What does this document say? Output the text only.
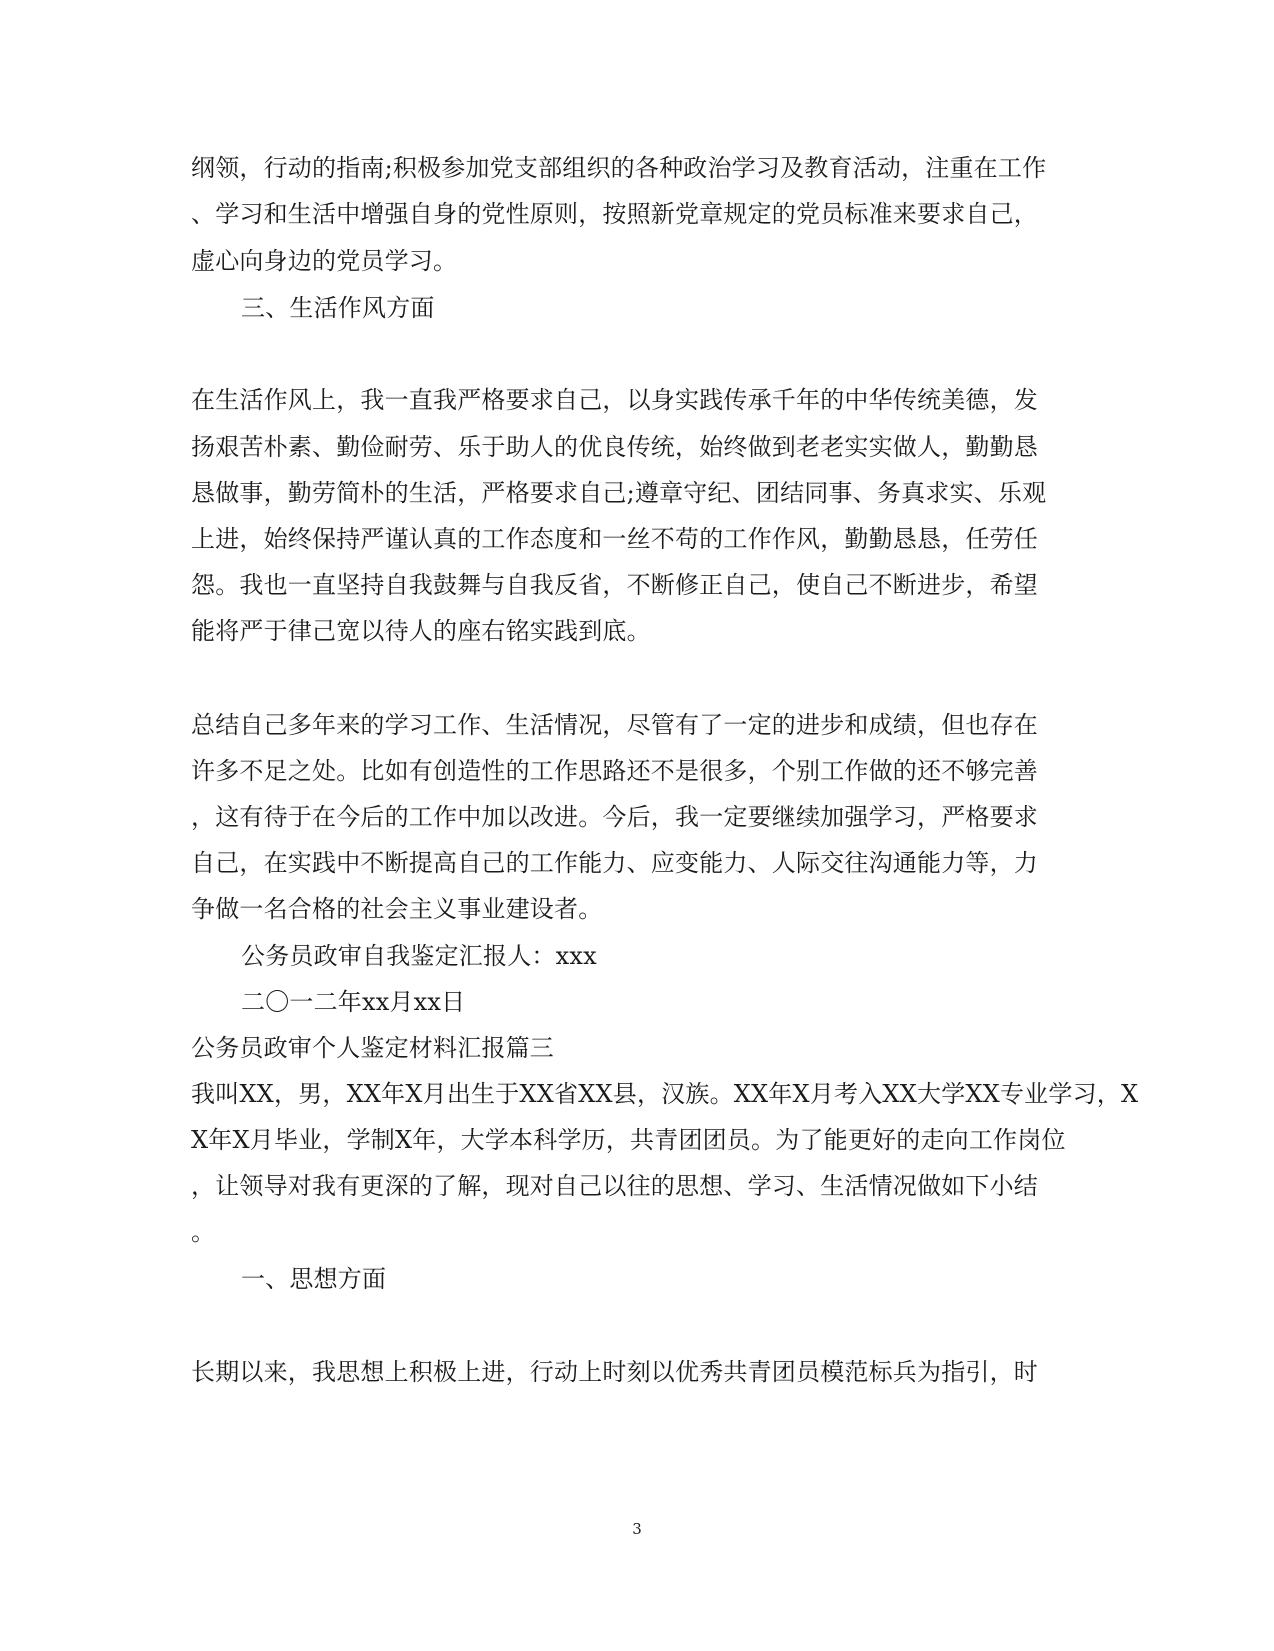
纲领，行动的指南;积极参加党支部组织的各种政治学习及教育活动，注重在工作
、学习和生活中增强自身的党性原则，按照新党章规定的党员标准来要求自己，
虚心向身边的党员学习。
三、生活作风方面
在生活作风上，我一直我严格要求自己，以身实践传承千年的中华传统美德，发
扬艰苦朴素、勤俭耐劳、乐于助人的优良传统，始终做到老老实实做人，勤勤恳
恳做事，勤劳简朴的生活，严格要求自己;遵章守纪、团结同事、务真求实、乐观
上进，始终保持严谨认真的工作态度和一丝不苟的工作作风，勤勤恳恳，任劳任
怨。我也一直坚持自我鼓舞与自我反省，不断修正自己，使自己不断进步，希望
能将严于律己宽以待人的座右铭实践到底。
总结自己多年来的学习工作、生活情况，尽管有了一定的进步和成绩，但也存在
许多不足之处。比如有创造性的工作思路还不是很多，个别工作做的还不够完善
，这有待于在今后的工作中加以改进。今后，我一定要继续加强学习，严格要求
自己，在实践中不断提高自己的工作能力、应变能力、人际交往沟通能力等，力
争做一名合格的社会主义事业建设者。
公务员政审自我鉴定汇报人：xxx
二〇一二年xx月xx日
公务员政审个人鉴定材料汇报篇三
我叫XX，男，XX年X月出生于XX省XX县，汉族。XX年X月考入XX大学XX专业学习，X
X年X月毕业，学制X年，大学本科学历，共青团团员。为了能更好的走向工作岗位
，让领导对我有更深的了解，现对自己以往的思想、学习、生活情况做如下小结
。
一、思想方面
长期以来，我思想上积极上进，行动上时刻以优秀共青团员模范标兵为指引，时
3
